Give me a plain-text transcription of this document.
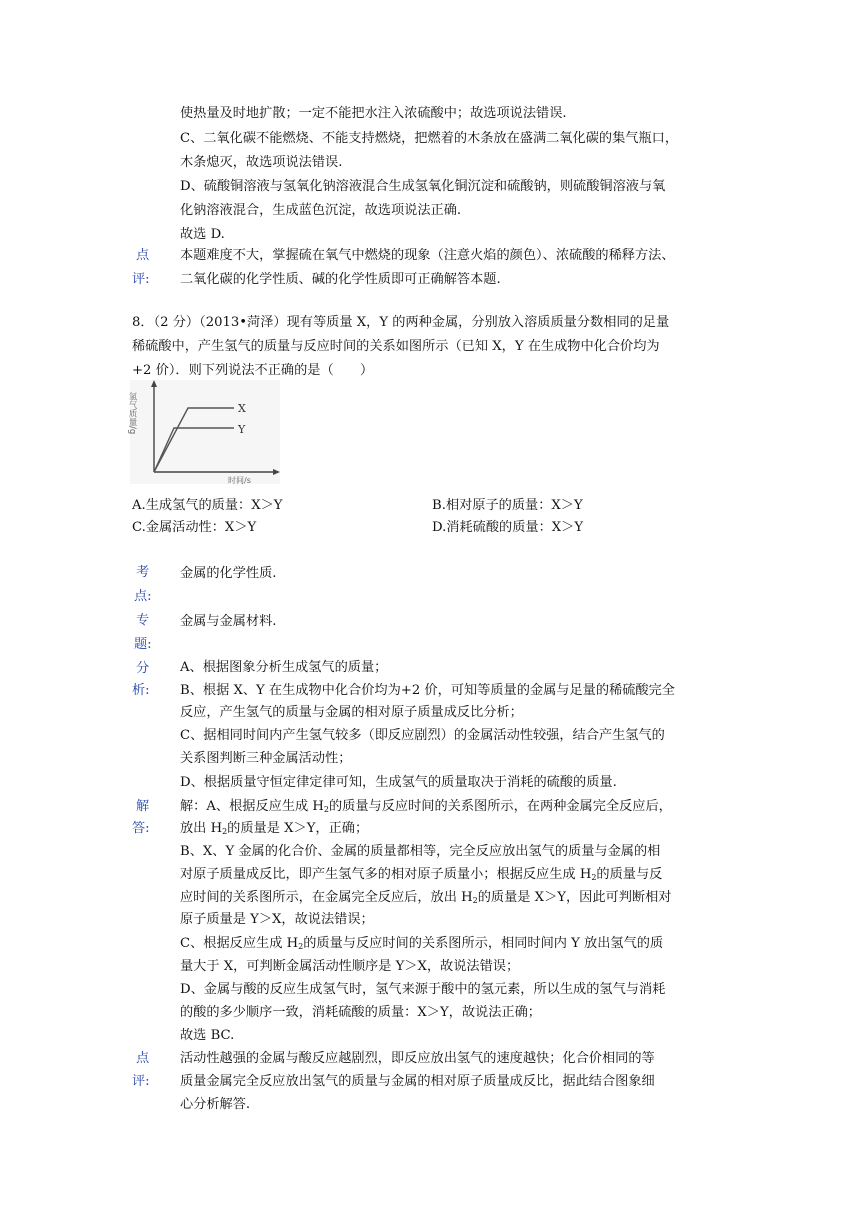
使热量及时地扩散；一定不能把水注入浓硫酸中；故选项说法错误.
C、二氧化碳不能燃烧、不能支持燃烧，把燃着的木条放在盛满二氧化碳的集气瓶口，
木条熄灭，故选项说法错误.
D、硫酸铜溶液与氢氧化钠溶液混合生成氢氧化铜沉淀和硫酸钠，则硫酸铜溶液与氧
化钠溶液混合，生成蓝色沉淀，故选项说法正确.
故选 D.
点
评:
本题难度不大，掌握硫在氧气中燃烧的现象（注意火焰的颜色）、浓硫酸的稀释方法、
二氧化碳的化学性质、碱的化学性质即可正确解答本题.
8．（2 分）（2013•菏泽）现有等质量 X，Y 的两种金属，分别放入溶质质量分数相同的足量
稀硫酸中，产生氢气的质量与反应时间的关系如图所示（已知 X，Y 在生成物中化合价均为
+2 价）．则下列说法不正确的是（　　）
氢气质量/g
时间/s
X
Y
A.生成氢气的质量：X＞Y	B.相对原子的质量：X＞Y
C.金属活动性：X＞Y	D.消耗硫酸的质量：X＞Y
考
点:
金属的化学性质.
专
题:
金属与金属材料.
分
析:
A、根据图象分析生成氢气的质量；
B、根据 X、Y 在生成物中化合价均为+2 价，可知等质量的金属与足量的稀硫酸完全
反应，产生氢气的质量与金属的相对原子质量成反比分析；
C、据相同时间内产生氢气较多（即反应剧烈）的金属活动性较强，结合产生氢气的
关系图判断三种金属活动性；
D、根据质量守恒定律定律可知，生成氢气的质量取决于消耗的硫酸的质量.
解
答:
解：A、根据反应生成 $H_2$的质量与反应时间的关系图所示，在两种金属完全反应后，
放出 $H_2$的质量是 X＞Y，正确；
B、X、Y 金属的化合价、金属的质量都相等，完全反应放出氢气的质量与金属的相
对原子质量成反比，即产生氢气多的相对原子质量小；根据反应生成 $H_2$的质量与反
应时间的关系图所示，在金属完全反应后，放出 $H_2$的质量是 X＞Y，因此可判断相对
原子质量是 Y＞X，故说法错误；
C、根据反应生成 $H_2$的质量与反应时间的关系图所示，相同时间内 Y 放出氢气的质
量大于 X，可判断金属活动性顺序是 Y＞X，故说法错误；
D、金属与酸的反应生成氢气时，氢气来源于酸中的氢元素，所以生成的氢气与消耗
的酸的多少顺序一致，消耗硫酸的质量：X＞Y，故说法正确；
故选 BC.
点
评:
活动性越强的金属与酸反应越剧烈，即反应放出氢气的速度越快；化合价相同的等
质量金属完全反应放出氢气的质量与金属的相对原子质量成反比，据此结合图象细
心分析解答.
